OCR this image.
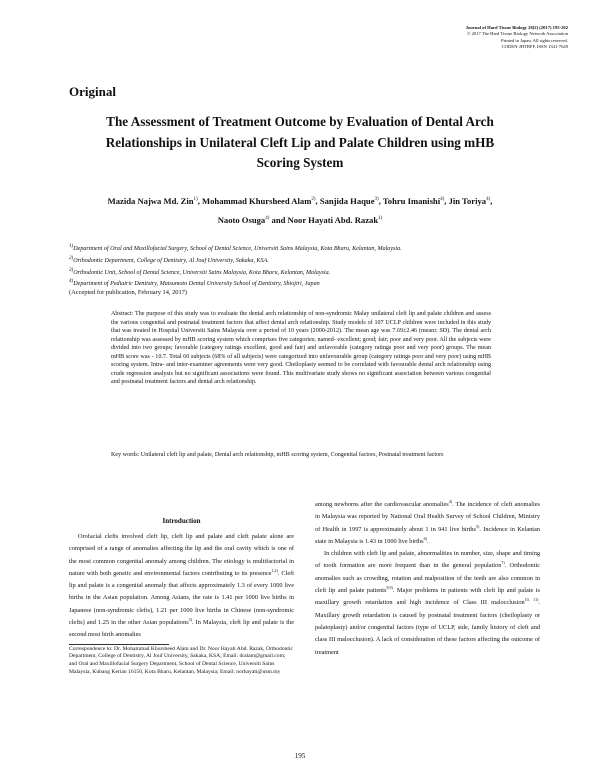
Journal of Hard Tissue Biology 26[2] (2017) 195-202
© 2017 The Hard Tissue Biology Network Association
Printed in Japan, All rights reserved.
CODEN-JHTBFF, ISSN 1341-7649
Original
The Assessment of Treatment Outcome by Evaluation of Dental Arch
Relationships in Unilateral Cleft Lip and Palate Children using mHB
Scoring System
Mazida Najwa Md. Zin$^{1)}$, Mohammad Khursheed Alam$^{2)}$, Sanjida Haque$^{3)}$, Tohru Imanishi$^{4)}$, Jin Toriya$^{4)}$,
Naoto Osuga$^{4)}$ and Noor Hayati Abd. Razak$^{1)}$

$^{1)}$Department of Oral and Maxillofacial Surgery, School of Dental Science, Universiti Sains Malaysia, Kota Bharu, Kelantan, Malaysia.

$^{2)}$Orthodontic Department, College of Dentistry, Al Jouf University, Sakaka, KSA.

$^{3)}$Orthodontic Unit, School of Dental Science, Universiti Sains Malaysia, Kota Bharu, Kelantan, Malaysia.

$^{4)}$Department of Pediatric Dentistry, Matsumoto Dental University School of Dentistry, Shiojiri, Japan

(Accepted for publication, February 14, 2017)

Abstract: The purpose of this study was to evaluate the dental arch relationship of non-syndromic Malay unilateral cleft lip and palate children and assess the various congenital and postnatal treatment factors that affect dental arch relationship. Study models of 107 UCLP children were included in this study that was treated in Hospital Universiti Sains Malaysia over a period of 10 years (2000-2012). The mean age was 7.69±2.46 (mean± SD). The dental arch relationship was assessed by mHB scoring system which comprises five categories; named- excellent; good; fair; poor and very poor. All the subjects were divided into two groups; favorable (category ratings excellent, good and fair) and unfavorable (category ratings poor and very poor) groups. The mean mHB score was - 10.7. Total 60 subjects (68% of all subjects) were categorized into unfavourable group (category ratings poor and very poor) using mHB scoring system. Intra- and inter-examiner agreements were very good. Cheiloplasty seemed to be correlated with favourable dental arch relationship using crude regression analysis but no significant associations were found. This multivariate study shows no significant association between various congenital and postnatal treatment factors and dental arch relationship.

Key words: Unilateral cleft lip and palate, Dental arch relationship, mHB scoring system, Congenital factors, Postnatal treatment factors

Introduction

Orofacial clefts involved cleft lip, cleft lip and palate and cleft palate alone are comprised of a range of anomalies affecting the lip and the oral cavity which is one of the most common congenital anomaly among children. The etiology is multifactorial in nature with both genetic and environmental factors contributing to its presence$^{1,2)}$. Cleft lip and palate is a congenital anomaly that affects approximately 1.3 of every 1000 live births in the Asian population. Among Asians, the rate is 1.41 per 1000 live births in Japanese (non-syndromic clefts), 1.21 per 1000 live births in Chinese (non-syndromic clefts) and 1.25 in the other Asian populations$^{3)}$. In Malaysia, cleft lip and palate is the second most birth anomalies

Correspondence to: Dr. Mohammad Khursheed Alam and Dr. Noor Hayati Abd. Razak, Orthodontic Department, College of Dentistry, Al Jouf University, Sakaka, KSA; Email: dralam@gmail.com; and Oral and Maxillofacial Surgery Department, School of Dental Science, Universiti Sains Malaysia, Kubang Kerian 16150, Kota Bharu, Kelantan, Malaysia; Email: norhayati@usm.my

among newborns after the cardiovascular anomalies$^{4)}$. The incidence of cleft anomalies in Malaysia was reported by National Oral Health Survey of School Children, Ministry of Health in 1997 is approximately about 1 in 941 live births$^{5)}$. Incidence in Kelantan state in Malaysia is 1.43 in 1000 live births$^{6)}$.

In children with cleft lip and palate, abnormalities in number, size, shape and timing of tooth formation are more frequent than in the general population$^{7)}$. Orthodontic anomalies such as crowding, rotation and malposition of the teeth are also common in cleft lip and palate patients$^{8,9)}$. Major problems in patients with cleft lip and palate is maxillary growth retardation and high incidence of Class III malocclusion$^{10, 11)}$. Maxillary growth retardation is caused by postnatal treatment factors (cheiloplasty or palatoplasty) and/or congenital factors (type of UCLP, side, family history of cleft and class III malocclusion). A lack of consideration of these factors affecting the outcome of treatment

195
